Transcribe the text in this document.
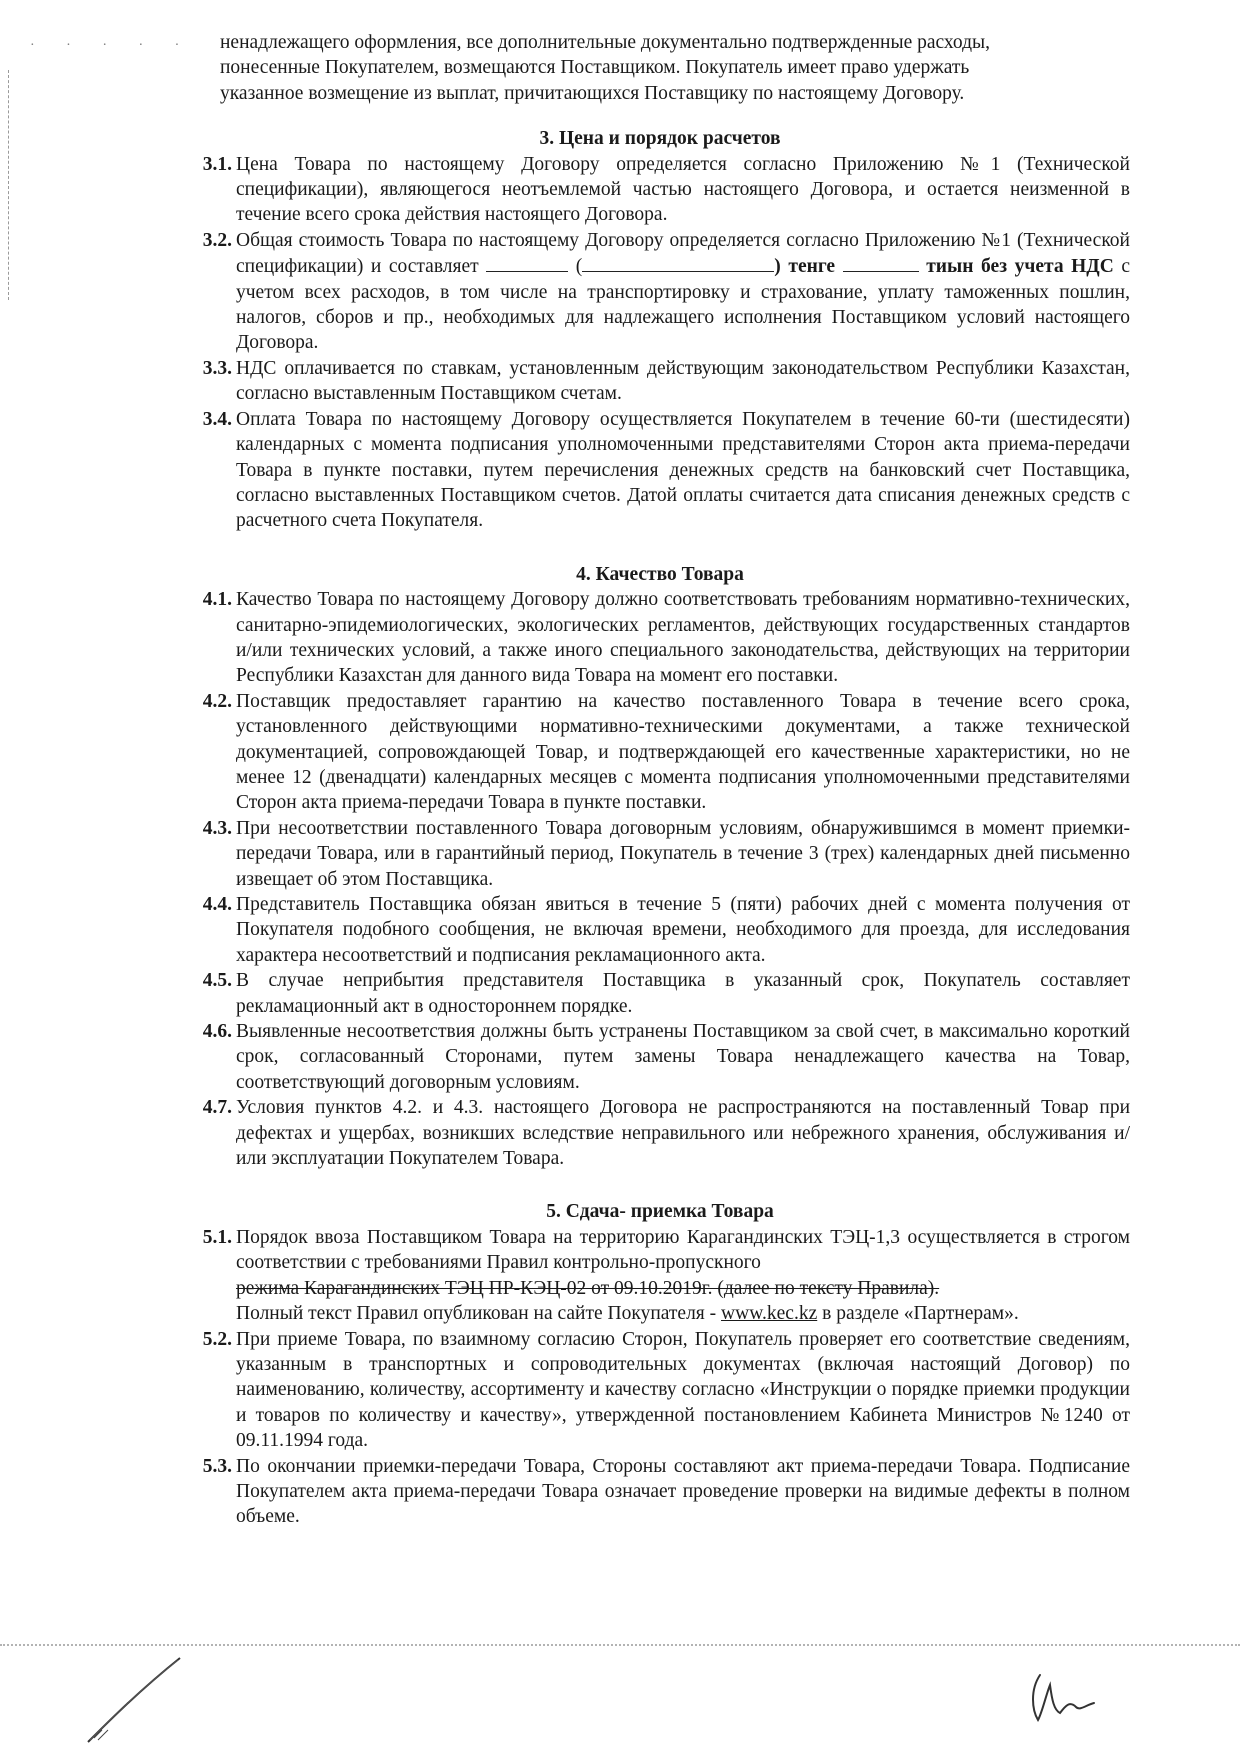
· · · · · ненадлежащего оформления, все дополнительные документально подтвержденные расходы,

понесенные Покупателем, возмещаются Поставщиком. Покупатель имеет право удержать

указанное возмещение из выплат, причитающихся Поставщику по настоящему Договору.

3. Цена и порядок расчетов

3.1. Цена Товара по настоящему Договору определяется согласно Приложению №1 (Технической спецификации), являющегося неотъемлемой частью настоящего Договора, и остается неизменной в течение всего срока действия настоящего Договора.

3.2. Общая стоимость Товара по настоящему Договору определяется согласно Приложению №1 (Технической спецификации) и составляет	(	) тенге	тиын без учета НДС с учетом всех расходов, в том числе на транспортировку и страхование, уплату таможенных пошлин, налогов, сборов и пр., необходимых для надлежащего исполнения Поставщиком условий настоящего Договора.

3.3. НДС оплачивается по ставкам, установленным действующим законодательством Республики Казахстан, согласно выставленным Поставщиком счетам.

3.4. Оплата Товара по настоящему Договору осуществляется Покупателем в течение 60-ти (шестидесяти) календарных с момента подписания уполномоченными представителями Сторон акта приема-передачи Товара в пункте поставки, путем перечисления денежных средств на банковский счет Поставщика, согласно выставленных Поставщиком счетов. Датой оплаты считается дата списания денежных средств с расчетного счета Покупателя.

4. Качество Товара

4.1. Качество Товара по настоящему Договору должно соответствовать требованиям нормативно-технических, санитарно-эпидемиологических, экологических регламентов, действующих государственных стандартов и/или технических условий, а также иного специального законодательства, действующих на территории Республики Казахстан для данного вида Товара на момент его поставки.

4.2. Поставщик предоставляет гарантию на качество поставленного Товара в течение всего срока, установленного действующими нормативно-техническими документами, а также технической документацией, сопровождающей Товар, и подтверждающей его качественные характеристики, но не менее 12 (двенадцати) календарных месяцев с момента подписания уполномоченными представителями Сторон акта приема-передачи Товара в пункте поставки.

4.3. При несоответствии поставленного Товара договорным условиям, обнаружившимся в момент приемки-передачи Товара, или в гарантийный период, Покупатель в течение 3 (трех) календарных дней письменно извещает об этом Поставщика.

4.4. Представитель Поставщика обязан явиться в течение 5 (пяти) рабочих дней с момента получения от Покупателя подобного сообщения, не включая времени, необходимого для проезда, для исследования характера несоответствий и подписания рекламационного акта.

4.5. В случае неприбытия представителя Поставщика в указанный срок, Покупатель составляет рекламационный акт в одностороннем порядке.

4.6. Выявленные несоответствия должны быть устранены Поставщиком за свой счет, в максимально короткий срок, согласованный Сторонами, путем замены Товара ненадлежащего качества на Товар, соответствующий договорным условиям.

4.7. Условия пунктов 4.2. и 4.3. настоящего Договора не распространяются на поставленный Товар при дефектах и ущербах, возникших вследствие неправильного или небрежного хранения, обслуживания и/или эксплуатации Покупателем Товара.

5. Сдача- приемка Товара

5.1. Порядок ввоза Поставщиком Товара на территорию Карагандинских ТЭЦ-1,3 осуществляется в строгом соответствии с требованиями Правил контрольно-пропускного

режима Карагандинских ТЭЦ ПР-КЭЦ-02 от 09.10.2019г. (далее по тексту Правила).

Полный текст Правил опубликован на сайте Покупателя - www.kec.kz в разделе «Партнерам».

5.2. При приеме Товара, по взаимному согласию Сторон, Покупатель проверяет его соответствие сведениям, указанным в транспортных и сопроводительных документах (включая настоящий Договор) по наименованию, количеству, ассортименту и качеству согласно «Инструкции о порядке приемки продукции и товаров по количеству и качеству», утвержденной постановлением Кабинета Министров №1240 от 09.11.1994 года.

5.3. По окончании приемки-передачи Товара, Стороны составляют акт приема-передачи Товара. Подписание Покупателем акта приема-передачи Товара означает проведение проверки на видимые дефекты в полном объеме.
